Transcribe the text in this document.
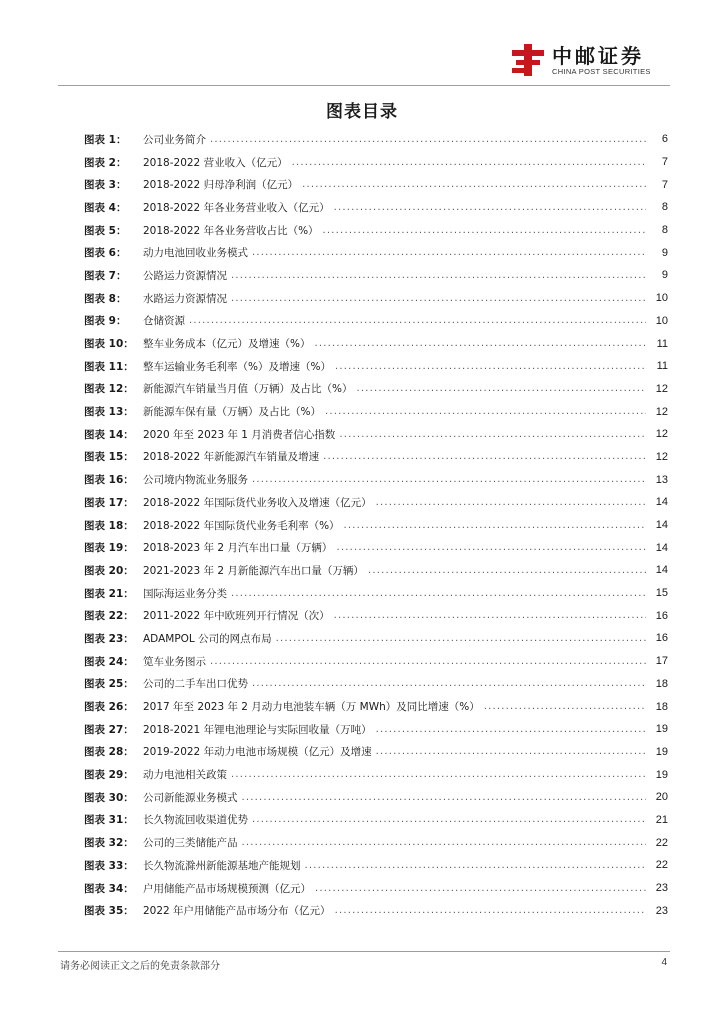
中邮证券
CHINA POST SECURITIES
图表目录
图表 1：	公司业务简介 .....	6
图表 2：	2018-2022 营业收入（亿元） .....	7
图表 3：	2018-2022 归母净利润（亿元） .....	7
图表 4：	2018-2022 年各业务营业收入（亿元） .....	8
图表 5：	2018-2022 年各业务营收占比（%） .....	8
图表 6：	动力电池回收业务模式 .....	9
图表 7：	公路运力资源情况 .....	9
图表 8：	水路运力资源情况 .....	10
图表 9：	仓储资源 .....	10
图表 10： 整车业务成本（亿元）及增速（%） .....	11
图表 11： 整车运输业务毛利率（%）及增速（%） .....	11
图表 12： 新能源汽车销量当月值（万辆）及占比（%） .....	12
图表 13： 新能源车保有量（万辆）及占比（%） .....	12
图表 14： 2020 年至 2023 年 1 月消费者信心指数 .....	12
图表 15： 2018-2022 年新能源汽车销量及增速 .....	12
图表 16： 公司境内物流业务服务 .....	13
图表 17： 2018-2022 年国际货代业务收入及增速（亿元） .....	14
图表 18： 2018-2022 年国际货代业务毛利率（%） .....	14
图表 19： 2018-2023 年 2 月汽车出口量（万辆） .....	14
图表 20： 2021-2023 年 2 月新能源汽车出口量（万辆） .....	14
图表 21： 国际海运业务分类 .....	15
图表 22： 2011-2022 年中欧班列开行情况（次） .....	16
图表 23： ADAMPOL 公司的网点布局 .....	16
图表 24： 笕车业务图示 .....	17
图表 25： 公司的二手车出口优势 .....	18
图表 26： 2017 年至 2023 年 2 月动力电池装车辆（万 MWh）及同比增速（%） .....	18
图表 27： 2018-2021 年锂电池理论与实际回收量（万吨） .....	19
图表 28： 2019-2022 年动力电池市场规模（亿元）及增速 .....	19
图表 29： 动力电池相关政策 .....	19
图表 30： 公司新能源业务模式 .....	20
图表 31： 长久物流回收渠道优势 .....	21
图表 32： 公司的三类储能产品 .....	22
图表 33： 长久物流滁州新能源基地产能规划 .....	22
图表 34： 户用储能产品市场规模预测（亿元） .....	23
图表 35： 2022 年户用储能产品市场分布（亿元） .....	23
请务必阅读正文之后的免责条款部分	4
